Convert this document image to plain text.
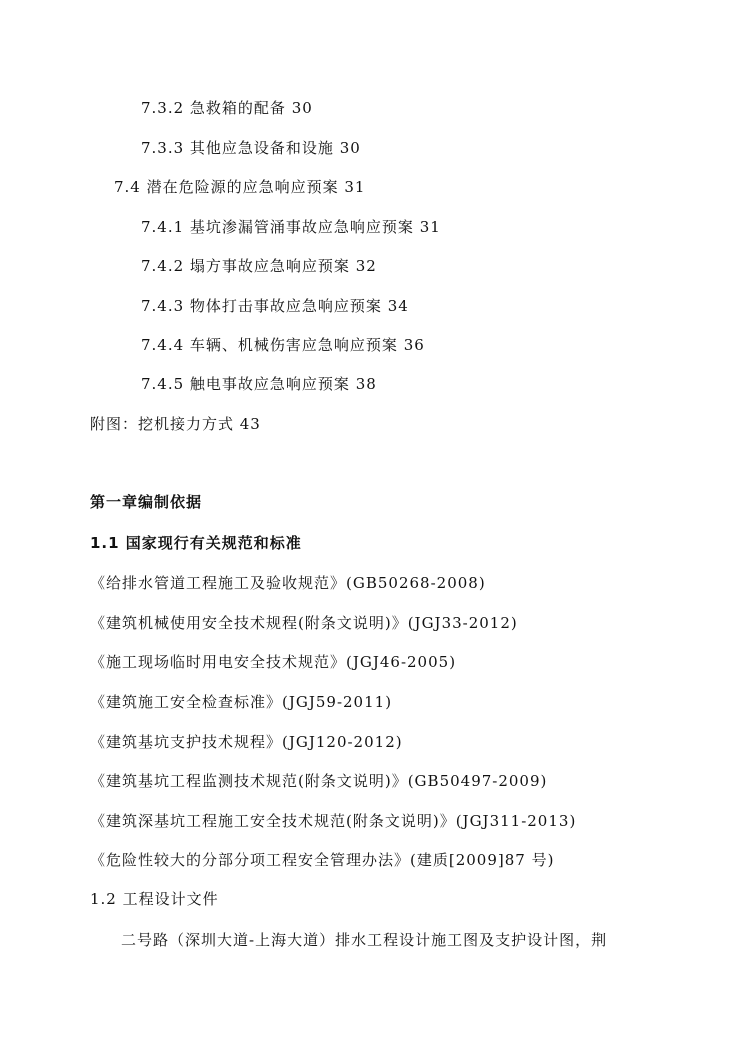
7.3.2 急救箱的配备 30
7.3.3 其他应急设备和设施 30
7.4 潜在危险源的应急响应预案 31
7.4.1 基坑渗漏管涌事故应急响应预案 31
7.4.2 塌方事故应急响应预案 32
7.4.3 物体打击事故应急响应预案 34
7.4.4 车辆、机械伤害应急响应预案 36
7.4.5 触电事故应急响应预案 38
附图：挖机接力方式 43
第一章编制依据
1.1 国家现行有关规范和标准
《给排水管道工程施工及验收规范》(GB50268-2008)
《建筑机械使用安全技术规程(附条文说明)》(JGJ33-2012)
《施工现场临时用电安全技术规范》(JGJ46-2005)
《建筑施工安全检查标准》(JGJ59-2011)
《建筑基坑支护技术规程》(JGJ120-2012)
《建筑基坑工程监测技术规范(附条文说明)》(GB50497-2009)
《建筑深基坑工程施工安全技术规范(附条文说明)》(JGJ311-2013)
《危险性较大的分部分项工程安全管理办法》(建质[2009]87 号)
1.2 工程设计文件
二号路（深圳大道-上海大道）排水工程设计施工图及支护设计图，荆
